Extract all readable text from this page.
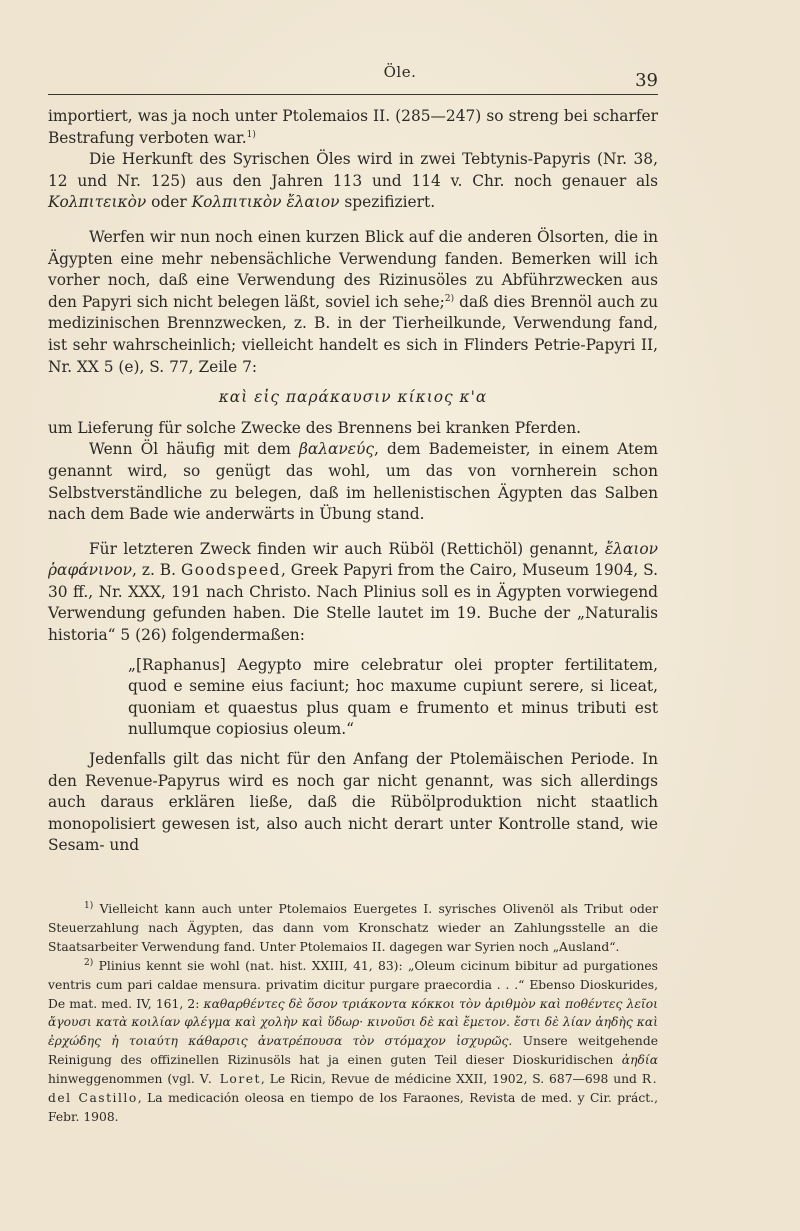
Öle.	39

importiert, was ja noch unter Ptolemaios II. (285—247) so streng bei scharfer Bestrafung verboten war.$^{1)}$

Die Herkunft des Syrischen Öles wird in zwei Tebtynis-Papyris (Nr. 38, 12 und Nr. 125) aus den Jahren 113 und 114 v. Chr. noch genauer als Κολπιτεικὸν oder Κολπιτικὸν ἔλαιον spezifiziert.

Werfen wir nun noch einen kurzen Blick auf die anderen Ölsorten, die in Ägypten eine mehr nebensächliche Verwendung fanden. Bemerken will ich vorher noch, daß eine Verwendung des Rizinusöles zu Abführzwecken aus den Papyri sich nicht belegen läßt, soviel ich sehe;$^{2)}$ daß dies Brennöl auch zu medizinischen Brennzwecken, z. B. in der Tierheilkunde, Verwendung fand, ist sehr wahrscheinlich; vielleicht handelt es sich in Flinders Petrie-Papyri II, Nr. XX 5 (e), S. 77, Zeile 7:

καὶ εἰς παράκαυσιν κίκιος κ'α

um Lieferung für solche Zwecke des Brennens bei kranken Pferden.

Wenn Öl häufig mit dem βαλανεύς, dem Bademeister, in einem Atem genannt wird, so genügt das wohl, um das von vornherein schon Selbstverständliche zu belegen, daß im hellenistischen Ägypten das Salben nach dem Bade wie anderwärts in Übung stand.

Für letzteren Zweck finden wir auch Rüböl (Rettichöl) genannt, ἔλαιον ῥαφάνινον, z. B. Goodspeed, Greek Papyri from the Cairo, Museum 1904, S. 30 ff., Nr. XXX, 191 nach Christo. Nach Plinius soll es in Ägypten vorwiegend Verwendung gefunden haben. Die Stelle lautet im 19. Buche der „Naturalis historia“ 5 (26) folgendermaßen:

„[Raphanus] Aegypto mire celebratur olei propter fertilitatem, quod e semine eius faciunt; hoc maxume cupiunt serere, si liceat, quoniam et quaestus plus quam e frumento et minus tributi est nullumque copiosius oleum.“

Jedenfalls gilt das nicht für den Anfang der Ptolemäischen Periode. In den Revenue-Papyrus wird es noch gar nicht genannt, was sich allerdings auch daraus erklären ließe, daß die Rübölproduktion nicht staatlich monopolisiert gewesen ist, also auch nicht derart unter Kontrolle stand, wie Sesam- und

$^{1)}$ Vielleicht kann auch unter Ptolemaios Euergetes I. syrisches Olivenöl als Tribut oder Steuerzahlung nach Ägypten, das dann vom Kronschatz wieder an Zahlungsstelle an die Staatsarbeiter Verwendung fand. Unter Ptolemaios II. dagegen war Syrien noch „Ausland“.

$^{2)}$ Plinius kennt sie wohl (nat. hist. XXIII, 41, 83): „Oleum cicinum bibitur ad purgationes ventris cum pari caldae mensura. privatim dicitur purgare praecordia . . .“ Ebenso Dioskurides, De mat. med. IV, 161, 2: καθαρθέντες δὲ ὅσον τριάκοντα κόκκοι τὸν ἀριθμὸν καὶ ποθέντες λεῖοι ἄγουσι κατὰ κοιλίαν φλέγμα καὶ χολὴν καὶ ὕδωρ· κινοῦσι δὲ καὶ ἔμετον. ἔστι δὲ λίαν ἀηδὴς καὶ ἐρχώδης ἡ τοιαύτη κάθαρσις ἀνατρέπουσα τὸν στόμαχον ἰσχυρῶς. Unsere weitgehende Reinigung des offizinellen Rizinusöls hat ja einen guten Teil dieser Dioskuridischen ἀηδία hinweggenommen (vgl. V. Loret, Le Ricin, Revue de médicine XXII, 1902, S. 687—698 und R. del Castillo, La medicación oleosa en tiempo de los Faraones, Revista de med. y Cir. práct., Febr. 1908.
